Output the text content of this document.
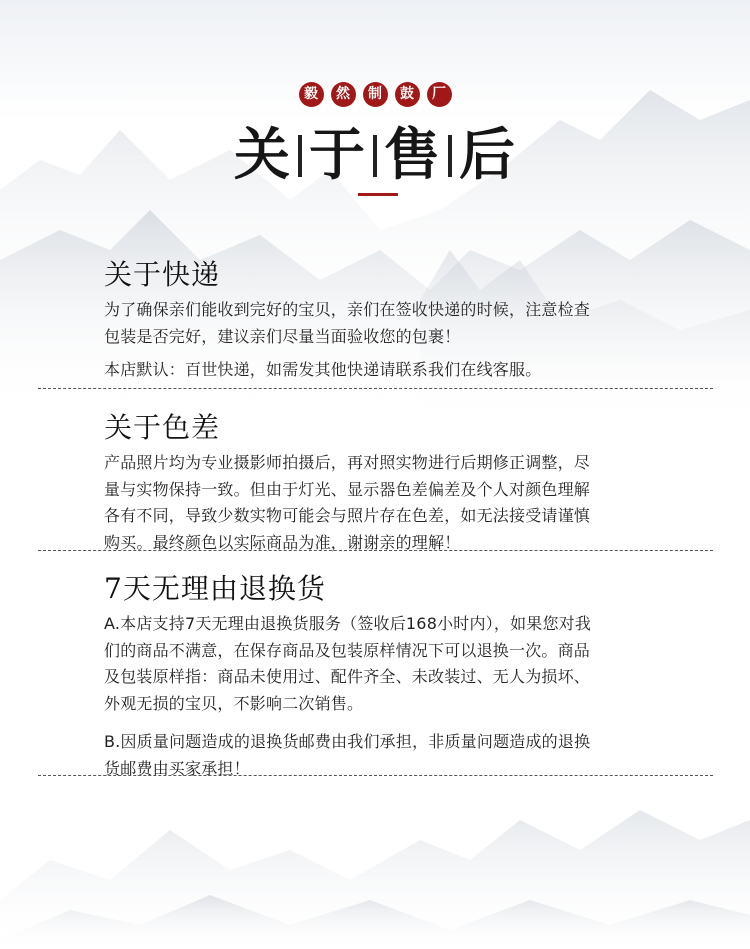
毅 然 制 鼓 厂
关 于 售 后
关于快递

为了确保亲们能收到完好的宝贝，亲们在签收快递的时候，注意检查

包装是否完好，建议亲们尽量当面验收您的包裹！

本店默认：百世快递，如需发其他快递请联系我们在线客服。

关于色差

产品照片均为专业摄影师拍摄后，再对照实物进行后期修正调整，尽

量与实物保持一致。但由于灯光、显示器色差偏差及个人对颜色理解

各有不同，导致少数实物可能会与照片存在色差，如无法接受请谨慎

购买。最终颜色以实际商品为准，谢谢亲的理解！

7天无理由退换货

A.本店支持7天无理由退换货服务（签收后168小时内），如果您对我

们的商品不满意，在保存商品及包装原样情况下可以退换一次。商品

及包装原样指：商品未使用过、配件齐全、未改装过、无人为损坏、

外观无损的宝贝，不影响二次销售。

B.因质量问题造成的退换货邮费由我们承担，非质量问题造成的退换

货邮费由买家承担！
